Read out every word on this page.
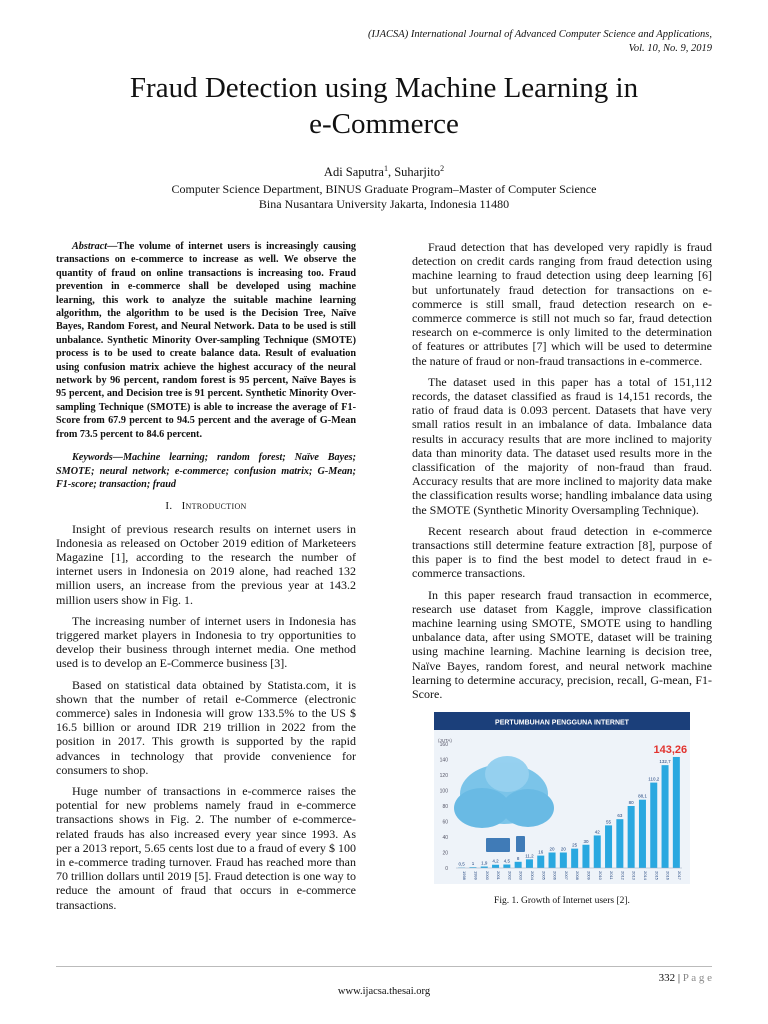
(IJACSA) International Journal of Advanced Computer Science and Applications,
Vol. 10, No. 9, 2019
Fraud Detection using Machine Learning in
e-Commerce
Adi Saputra$^1$, Suharjito$^2$
Computer Science Department, BINUS Graduate Program–Master of Computer Science
Bina Nusantara University Jakarta, Indonesia 11480

Abstract—The volume of internet users is increasingly causing transactions on e-commerce to increase as well. We observe the quantity of fraud on online transactions is increasing too. Fraud prevention in e-commerce shall be developed using machine learning, this work to analyze the suitable machine learning algorithm, the algorithm to be used is the Decision Tree, Naïve Bayes, Random Forest, and Neural Network. Data to be used is still unbalance. Synthetic Minority Over-sampling Technique (SMOTE) process is to be used to create balance data. Result of evaluation using confusion matrix achieve the highest accuracy of the neural network by 96 percent, random forest is 95 percent, Naïve Bayes is 95 percent, and Decision tree is 91 percent. Synthetic Minority Over-sampling Technique (SMOTE) is able to increase the average of F1-Score from 67.9 percent to 94.5 percent and the average of G-Mean from 73.5 percent to 84.6 percent.

Keywords—Machine learning; random forest; Naïve Bayes; SMOTE; neural network; e-commerce; confusion matrix; G-Mean; F1-score; transaction; fraud

I. Introduction

Insight of previous research results on internet users in Indonesia as released on October 2019 edition of Marketeers Magazine [1], according to the research the number of internet users in Indonesia on 2019 alone, had reached 132 million users, an increase from the previous year at 143.2 million users show in Fig. 1.

The increasing number of internet users in Indonesia has triggered market players in Indonesia to try opportunities to develop their business through internet media. One method used is to develop an E-Commerce business [3].

Based on statistical data obtained by Statista.com, it is shown that the number of retail e-Commerce (electronic commerce) sales in Indonesia will grow 133.5% to the US $ 16.5 billion or around IDR 219 trillion in 2022 from the position in 2017. This growth is supported by the rapid advances in technology that provide convenience for consumers to shop.

Huge number of transactions in e-commerce raises the potential for new problems namely fraud in e-commerce transactions shows in Fig. 2. The number of e-commerce-related frauds has also increased every year since 1993. As per a 2013 report, 5.65 cents lost due to a fraud of every $ 100 in e-commerce trading turnover. Fraud has reached more than 70 trillion dollars until 2019 [5]. Fraud detection is one way to reduce the amount of fraud that occurs in e-commerce transactions.

Fraud detection that has developed very rapidly is fraud detection on credit cards ranging from fraud detection using machine learning to fraud detection using deep learning [6] but unfortunately fraud detection for transactions on e-commerce is still small, fraud detection research on e-commerce commerce is still not much so far, fraud detection research on e-commerce is only limited to the determination of features or attributes [7] which will be used to determine the nature of fraud or non-fraud transactions in e-commerce.

The dataset used in this paper has a total of 151,112 records, the dataset classified as fraud is 14,151 records, the ratio of fraud data is 0.093 percent. Datasets that have very small ratios result in an imbalance of data. Imbalance data results in accuracy results that are more inclined to majority data than minority data. The dataset used results more in the classification of the majority of non-fraud than fraud. Accuracy results that are more inclined to majority data make the classification results worse; handling imbalance data using the SMOTE (Synthetic Minority Oversampling Technique).

Recent research about fraud detection in e-commerce transactions still determine feature extraction [8], purpose of this paper is to find the best model to detect fraud in e-commerce transactions.

In this paper research fraud transaction in ecommerce, research use dataset from Kaggle, improve classification machine learning using SMOTE, SMOTE using to handling unbalance data, after using SMOTE, dataset will be training using machine learning. Machine learning is decision tree, Naïve Bayes, random forest, and neural network machine learning to determine accuracy, precision, recall, G-mean, F1-Score.

PERTUMBUHAN PENGGUNA INTERNET
(JUTA)
0
20
40
60
80
100
120
140
160
0,5 1 1,9 4,2 4,5
8 11,2
16
20 20
25
30
42
55
63
80
88,1
110,2
132,7
143,26
1998 1999 2000 2001 2002 2003 2004 2005 2006 2007 2008 2009 2010 2011 2012 2013 2014 2015 2016 2017
Fig. 1. Growth of Internet users [2].
332 | P a g e
www.ijacsa.thesai.org
